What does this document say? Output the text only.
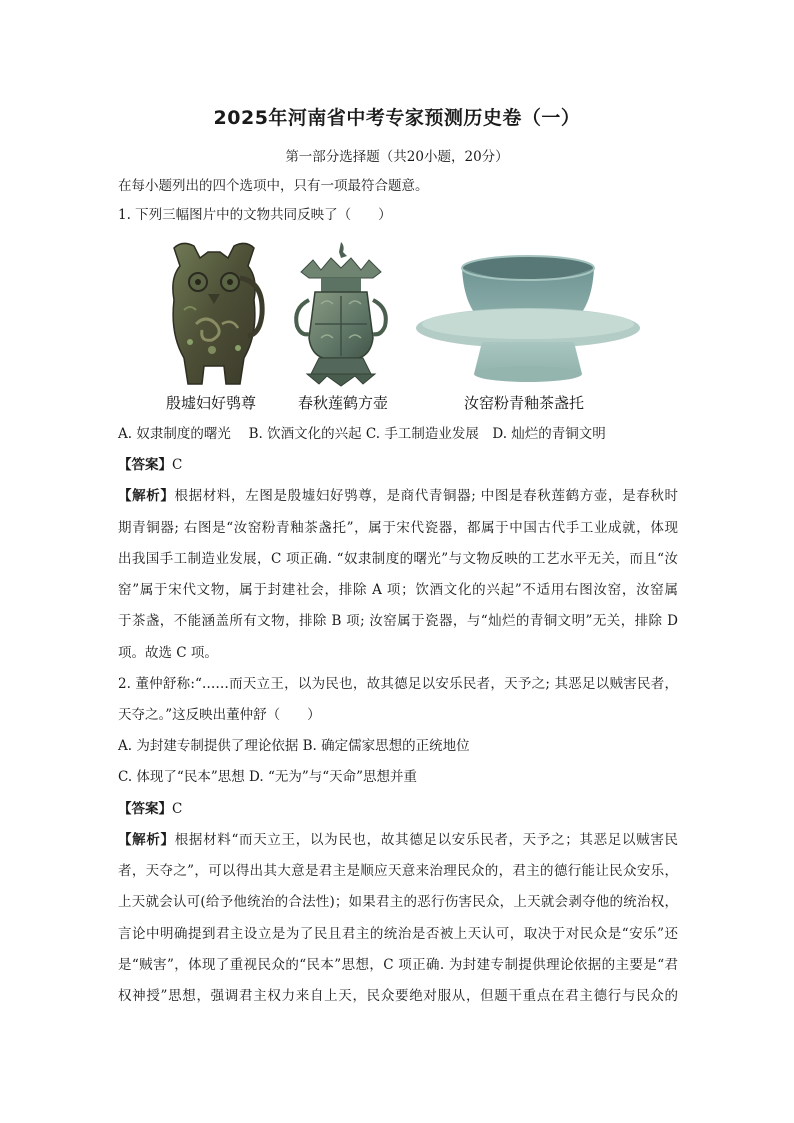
2025年河南省中考专家预测历史卷（一）
第一部分选择题（共20小题，20分）
在每小题列出的四个选项中，只有一项最符合题意。
1. 下列三幅图片中的文物共同反映了（　　）
殷墟妇好鸮尊	春秋莲鹤方壶	汝窑粉青釉茶盏托
A. 奴隶制度的曙光　 B. 饮酒文化的兴起 C. 手工制造业发展　D. 灿烂的青铜文明
【答案】C
【解析】根据材料，左图是殷墟妇好鸮尊，是商代青铜器; 中图是春秋莲鹤方壶，是春秋时
期青铜器; 右图是“汝窑粉青釉茶盏托”，属于宋代瓷器，都属于中国古代手工业成就，体现
出我国手工制造业发展，C 项正确. “奴隶制度的曙光”与文物反映的工艺水平无关，而且“汝
窑”属于宋代文物，属于封建社会，排除 A 项；饮酒文化的兴起”不适用右图汝窑，汝窑属
于茶盏，不能涵盖所有文物，排除 B 项; 汝窑属于瓷器，与“灿烂的青铜文明”无关，排除 D
项。故选 C 项。
2. 董仲舒称:“……而天立王，以为民也，故其德足以安乐民者，天予之; 其恶足以贼害民者，
天夺之。”这反映出董仲舒（　　）
A. 为封建专制提供了理论依据 B. 确定儒家思想的正统地位
C. 体现了“民本”思想 D. “无为”与“天命”思想并重
【答案】C
【解析】根据材料“而天立王，以为民也，故其德足以安乐民者，天予之；其恶足以贼害民
者，天夺之”，可以得出其大意是君主是顺应天意来治理民众的，君主的德行能让民众安乐，
上天就会认可(给予他统治的合法性)；如果君主的恶行伤害民众，上天就会剥夺他的统治权，
言论中明确提到君主设立是为了民且君主的统治是否被上天认可，取决于对民众是“安乐”还
是“贼害”，体现了重视民众的“民本”思想，C 项正确. 为封建专制提供理论依据的主要是“君
权神授”思想，强调君主权力来自上天，民众要绝对服从，但题干重点在君主德行与民众的
